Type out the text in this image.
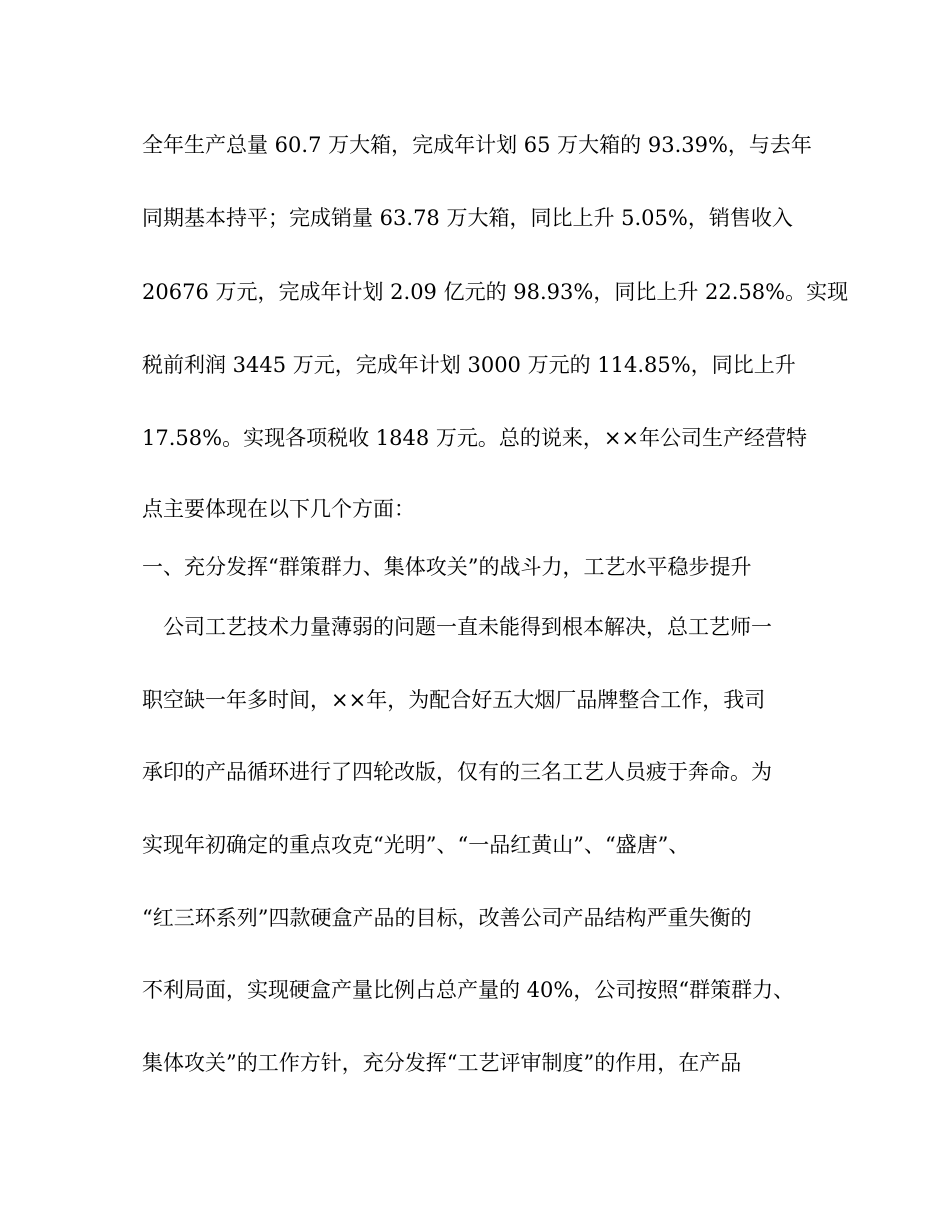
全年生产总量 60.7 万大箱，完成年计划 65 万大箱的 93.39%，与去年
同期基本持平；完成销量 63.78 万大箱，同比上升 5.05%，销售收入
20676 万元，完成年计划 2.09 亿元的 98.93%，同比上升 22.58%。实现
税前利润 3445 万元，完成年计划 3000 万元的 114.85%，同比上升
17.58%。实现各项税收 1848 万元。总的说来，××年公司生产经营特
点主要体现在以下几个方面：
一、充分发挥“群策群力、集体攻关”的战斗力，工艺水平稳步提升
公司工艺技术力量薄弱的问题一直未能得到根本解决，总工艺师一
职空缺一年多时间，××年，为配合好五大烟厂品牌整合工作，我司
承印的产品循环进行了四轮改版，仅有的三名工艺人员疲于奔命。为
实现年初确定的重点攻克“光明”、“一品红黄山”、“盛唐”、
“红三环系列”四款硬盒产品的目标，改善公司产品结构严重失衡的
不利局面，实现硬盒产量比例占总产量的 40%，公司按照“群策群力、
集体攻关”的工作方针，充分发挥“工艺评审制度”的作用，在产品
